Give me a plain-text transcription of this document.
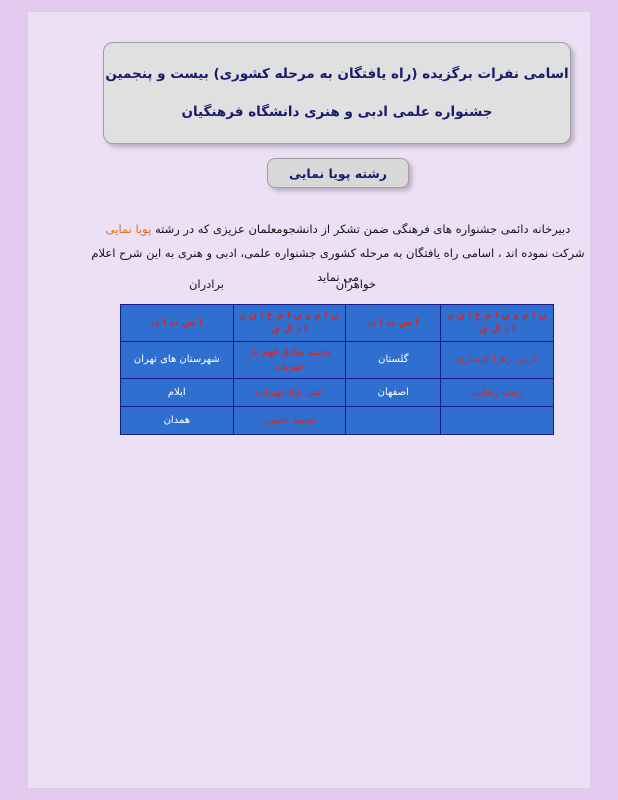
اسامی نفرات برگزیده (راه یافتگان به مرحله کشوری) بیست و پنجمین
جشنواره علمی ادبی و هنری دانشگاه فرهنگیان
رشته پویا نمایی
دبیرخانه دائمی جشنواره های فرهنگی ضمن تشکر از دانشجومعلمان عزیزی که در رشته پویا نمایی شرکت نموده اند ، اسامی راه یافتگان به مرحله کشوری جشنواره علمی، ادبی و هنری به این شرح اعلام می نماید
خواهران
برادران
ن ا م و ن ا م خ ا ن و ا د گ ی	ا س ت ا ن	ن ا م و ن ا م خ ا ن و ا د گ ی	ا س ت ا ن
نازنین زهرا کهساری	گلستان	محمد صادق فهم ناز مهربان	شهرستان های تهران
زینب رضایی	اصفهان	علی نژاد نهیرات	ایلام
		محمد حاتمی	همدان
